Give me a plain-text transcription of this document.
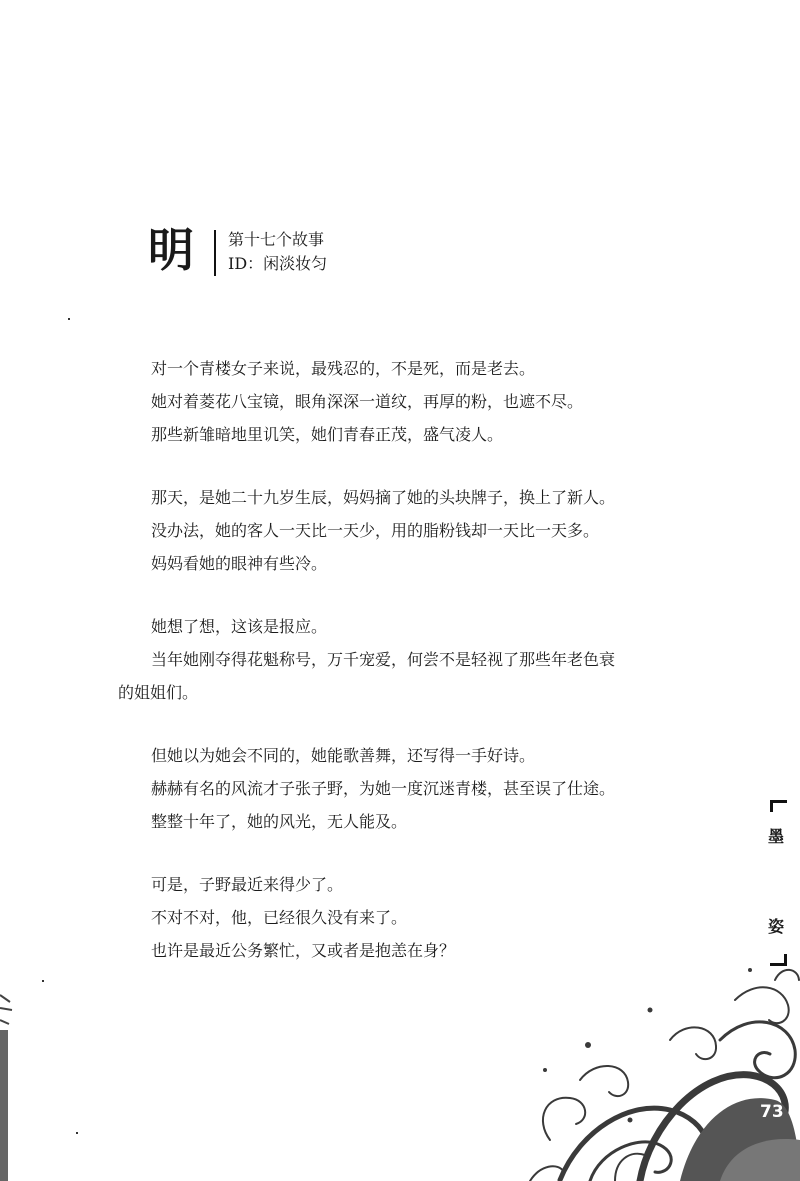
明 第十七个故事
ID：闲淡妆匀
对一个青楼女子来说，最残忍的，不是死，而是老去。
她对着菱花八宝镜，眼角深深一道纹，再厚的粉，也遮不尽。
那些新雏暗地里讥笑，她们青春正茂，盛气凌人。
那天，是她二十九岁生辰，妈妈摘了她的头块牌子，换上了新人。
没办法，她的客人一天比一天少，用的脂粉钱却一天比一天多。
妈妈看她的眼神有些冷。
她想了想，这该是报应。
当年她刚夺得花魁称号，万千宠爱，何尝不是轻视了那些年老色衰
的姐姐们。
但她以为她会不同的，她能歌善舞，还写得一手好诗。
赫赫有名的风流才子张子野，为她一度沉迷青楼，甚至误了仕途。
整整十年了，她的风光，无人能及。
可是，子野最近来得少了。
不对不对，他，已经很久没有来了。
也许是最近公务繁忙，又或者是抱恙在身？
墨
姿
73
